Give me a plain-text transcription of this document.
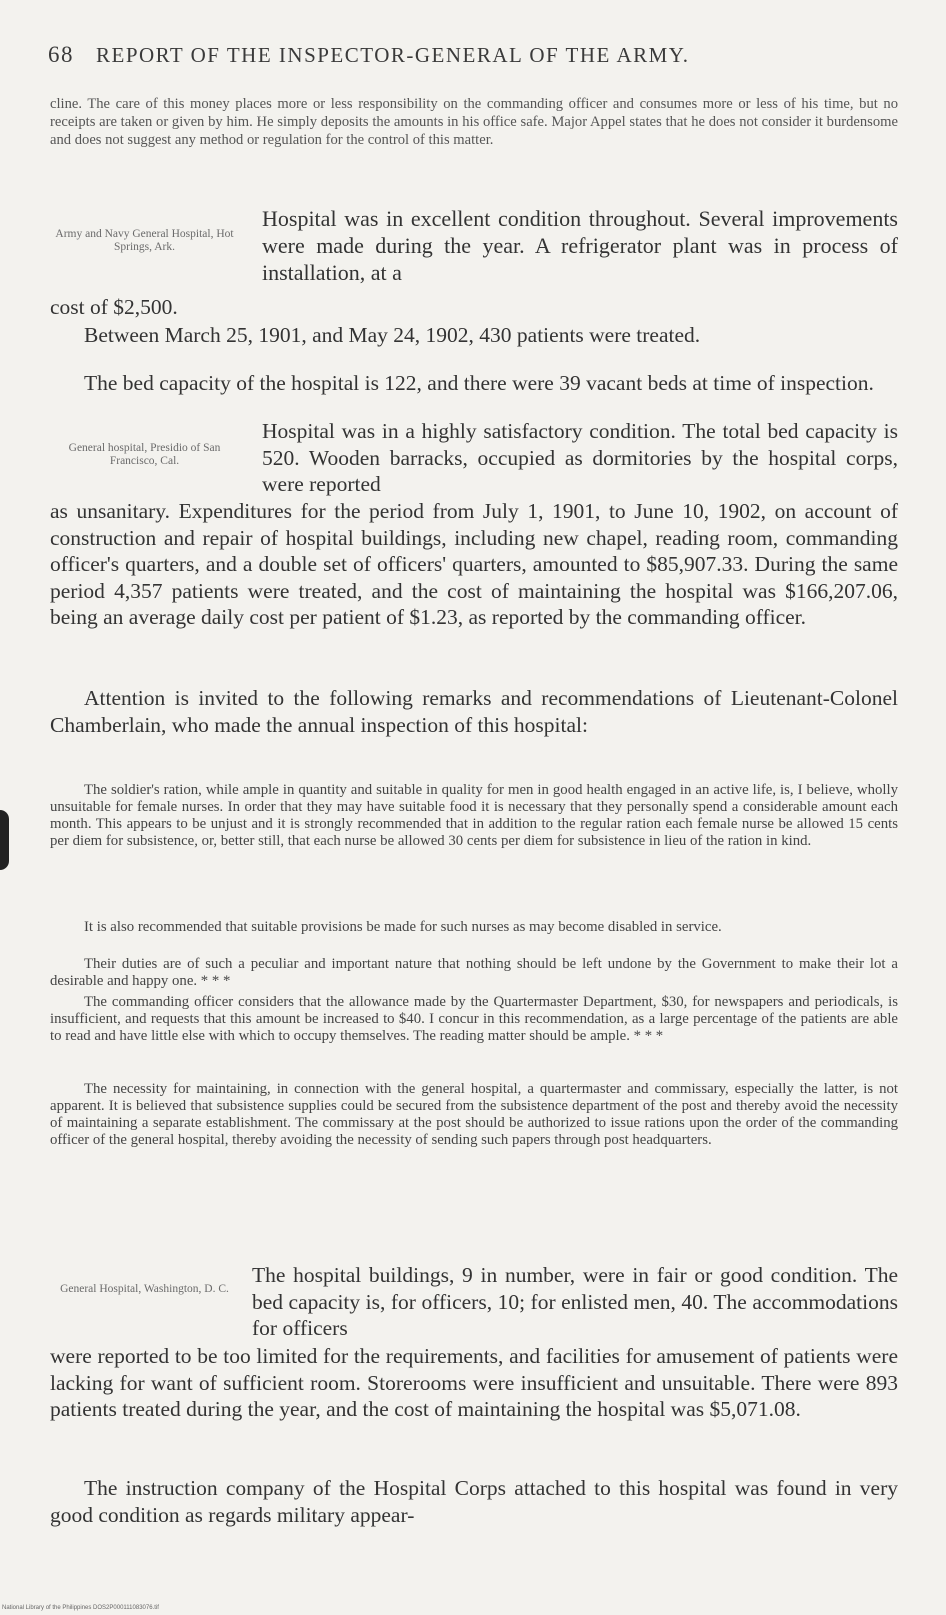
68 REPORT OF THE INSPECTOR-GENERAL OF THE ARMY.
cline. The care of this money places more or less responsibility on the commanding officer and consumes more or less of his time, but no receipts are taken or given by him. He simply deposits the amounts in his office safe. Major Appel states that he does not consider it burdensome and does not suggest any method or regulation for the control of this matter.
Army and Navy General Hospital, Hot Springs, Ark.
Hospital was in excellent condition throughout. Several improvements were made during the year. A refrigerator plant was in process of installation, at a
cost of $2,500.
Between March 25, 1901, and May 24, 1902, 430 patients were treated.
The bed capacity of the hospital is 122, and there were 39 vacant beds at time of inspection.
General hospital, Presidio of San Francisco, Cal.
Hospital was in a highly satisfactory condition. The total bed capacity is 520. Wooden barracks, occupied as dormitories by the hospital corps, were reported
as unsanitary. Expenditures for the period from July 1, 1901, to June 10, 1902, on account of construction and repair of hospital buildings, including new chapel, reading room, commanding officer's quarters, and a double set of officers' quarters, amounted to $85,907.33. During the same period 4,357 patients were treated, and the cost of maintaining the hospital was $166,207.06, being an average daily cost per patient of $1.23, as reported by the commanding officer.
Attention is invited to the following remarks and recommendations of Lieutenant-Colonel Chamberlain, who made the annual inspection of this hospital:
The soldier's ration, while ample in quantity and suitable in quality for men in good health engaged in an active life, is, I believe, wholly unsuitable for female nurses. In order that they may have suitable food it is necessary that they personally spend a considerable amount each month. This appears to be unjust and it is strongly recommended that in addition to the regular ration each female nurse be allowed 15 cents per diem for subsistence, or, better still, that each nurse be allowed 30 cents per diem for subsistence in lieu of the ration in kind.
It is also recommended that suitable provisions be made for such nurses as may become disabled in service.
Their duties are of such a peculiar and important nature that nothing should be left undone by the Government to make their lot a desirable and happy one. * * *
The commanding officer considers that the allowance made by the Quartermaster Department, $30, for newspapers and periodicals, is insufficient, and requests that this amount be increased to $40. I concur in this recommendation, as a large percentage of the patients are able to read and have little else with which to occupy themselves. The reading matter should be ample. * * *
The necessity for maintaining, in connection with the general hospital, a quartermaster and commissary, especially the latter, is not apparent. It is believed that subsistence supplies could be secured from the subsistence department of the post and thereby avoid the necessity of maintaining a separate establishment. The commissary at the post should be authorized to issue rations upon the order of the commanding officer of the general hospital, thereby avoiding the necessity of sending such papers through post headquarters.
General Hospital, Washington, D. C.
The hospital buildings, 9 in number, were in fair or good condition. The bed capacity is, for officers, 10; for enlisted men, 40. The accommodations for officers
were reported to be too limited for the requirements, and facilities for amusement of patients were lacking for want of sufficient room. Storerooms were insufficient and unsuitable. There were 893 patients treated during the year, and the cost of maintaining the hospital was $5,071.08.
The instruction company of the Hospital Corps attached to this hospital was found in very good condition as regards military appear-
National Library of the Philippines DOS2P000111083076.tif
